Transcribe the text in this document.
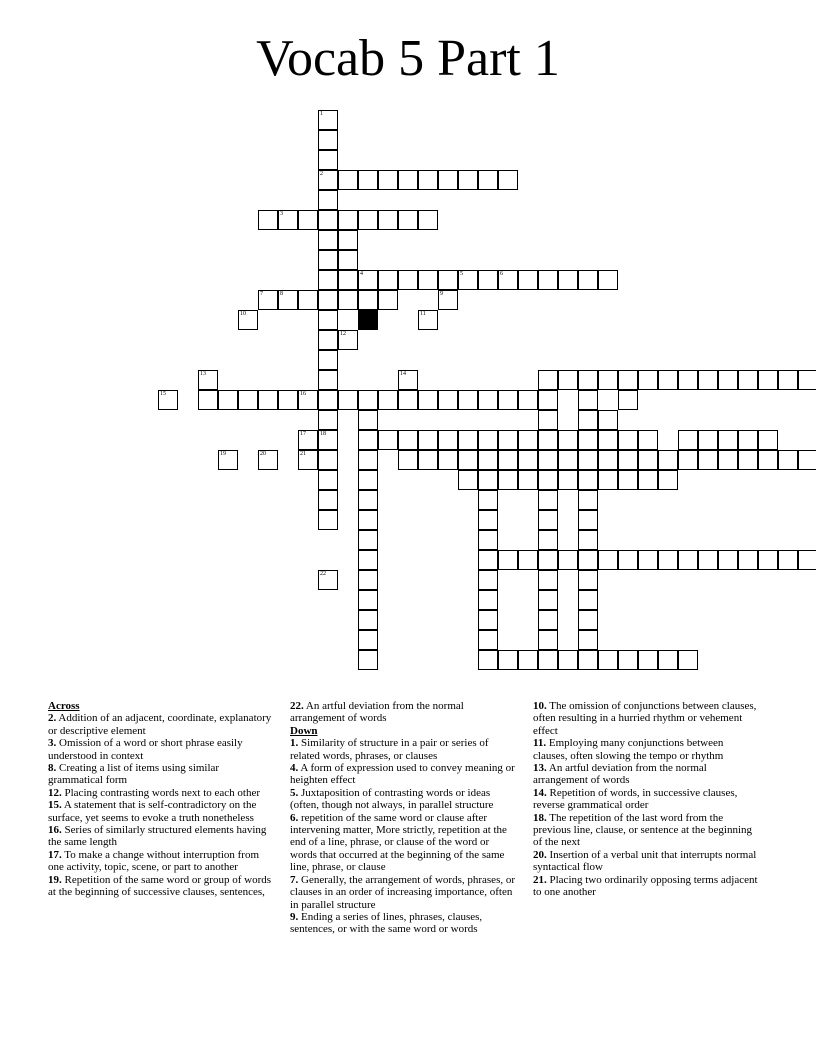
Vocab 5 Part 1
1
2
18
3
7	8
5	6
16
4
9
10	11
12
13	14
15
17
19	20	21
22
Across

2. Addition of an adjacent, coordinate, explanatory or descriptive element

3. Omission of a word or short phrase easily understood in context

8. Creating a list of items using similar grammatical form

12. Placing contrasting words next to each other

15. A statement that is self-contradictory on the surface, yet seems to evoke a truth nonetheless

16. Series of similarly structured elements having the same length

17. To make a change without interruption from one activity, topic, scene, or part to another

19. Repetition of the same word or group of words at the beginning of successive clauses, sentences,

22. An artful deviation from the normal arrangement of words

Down

1. Similarity of structure in a pair or series of related words, phrases, or clauses

4. A form of expression used to convey meaning or heighten effect

5. Juxtaposition of contrasting words or ideas (often, though not always, in parallel structure

6. repetition of the same word or clause after intervening matter, More strictly, repetition at the end of a line, phrase, or clause of the word or words that occurred at the beginning of the same line, phrase, or clause

7. Generally, the arrangement of words, phrases, or clauses in an order of increasing importance, often in parallel structure

9. Ending a series of lines, phrases, clauses, sentences, or with the same word or words

10. The omission of conjunctions between clauses, often resulting in a hurried rhythm or vehement effect

11. Employing many conjunctions between clauses, often slowing the tempo or rhythm

13. An artful deviation from the normal arrangement of words

14. Repetition of words, in successive clauses, reverse grammatical order

18. The repetition of the last word from the previous line, clause, or sentence at the beginning of the next

20. Insertion of a verbal unit that interrupts normal syntactical flow

21. Placing two ordinarily opposing terms adjacent to one another
